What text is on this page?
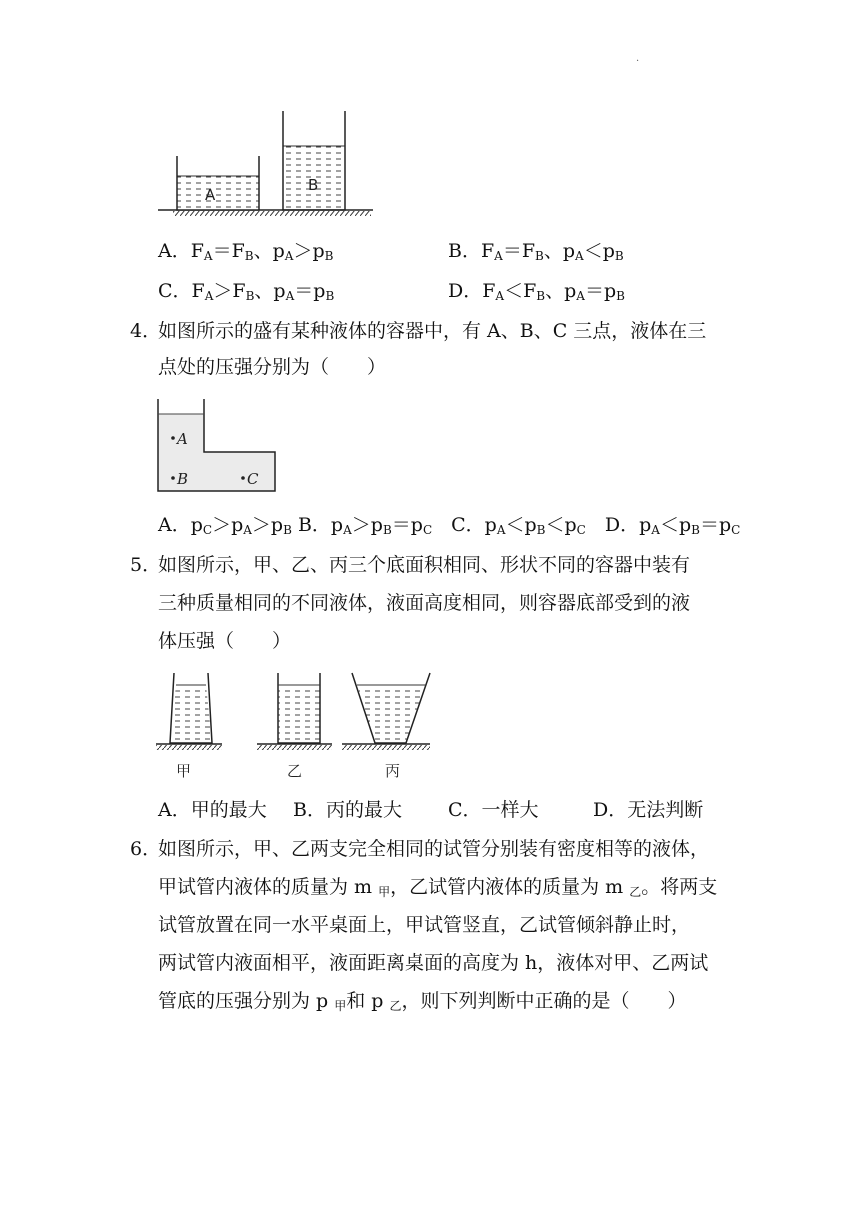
·
A
B
A．$F_A=F_B$、$p_A>p_B$	B．$F_A=F_B$、$p_A<p_B$
C．$F_A>F_B$、$p_A=p_B$	D．$F_A<F_B$、$p_A=p_B$
4．
如图所示的盛有某种液体的容器中，有 A、B、C 三点，液体在三
点处的压强分别为（　　）
A
B	C
A．$p_C>p_A>p_B$ B．$p_A>p_B=p_C$　C．$p_A<p_B<p_C$　D．$p_A<p_B=p_C$
5．
如图所示，甲、乙、丙三个底面积相同、形状不同的容器中装有
三种质量相同的不同液体，液面高度相同，则容器底部受到的液
体压强（　　）
甲	乙	丙
A．甲的最大 B．丙的最大 C．一样大	D．无法判断
6．
如图所示，甲、乙两支完全相同的试管分别装有密度相等的液体，
甲试管内液体的质量为 m $_甲$，乙试管内液体的质量为 m $_乙$。将两支
试管放置在同一水平桌面上，甲试管竖直，乙试管倾斜静止时，
两试管内液面相平，液面距离桌面的高度为 h，液体对甲、乙两试
管底的压强分别为 p $_甲$和 p $_乙$，则下列判断中正确的是（　　）
